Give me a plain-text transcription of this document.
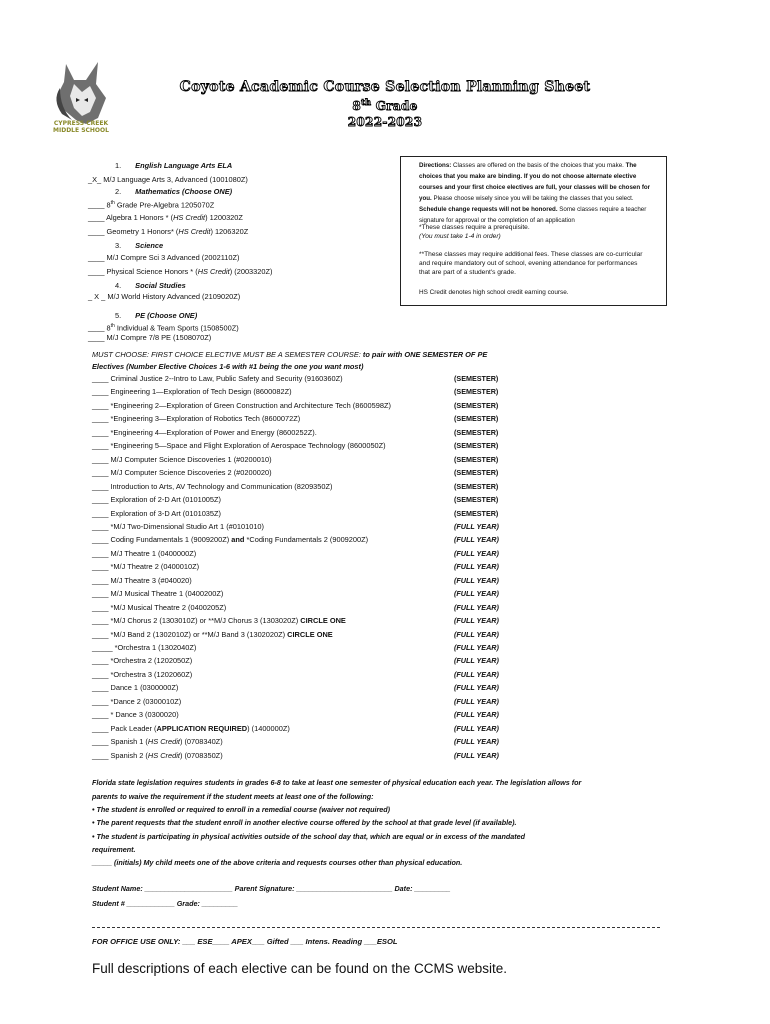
CYPRESS CREEK
MIDDLE SCHOOL
Coyote Academic Course Selection Planning Sheet
8th Grade
2022-2023
1. English Language Arts ELA
_X_ M/J Language Arts 3, Advanced (1001080Z)
2. Mathematics (Choose ONE)
____ 8th Grade Pre-Algebra 1205070Z
____ Algebra 1 Honors * (HS Credit) 1200320Z
____ Geometry 1 Honors* (HS Credit) 1206320Z
3. Science
____ M/J Compre Sci 3 Advanced (2002110Z)
____ Physical Science Honors * (HS Credit) (2003320Z)
4. Social Studies
_ X _ M/J World History Advanced (2109020Z)
5. PE (Choose ONE)
____ 8th Individual & Team Sports (1508500Z)
____ M/J Compre 7/8 PE (1508070Z)
Directions: Classes are offered on the basis of the choices that you make. The
choices that you make are binding. If you do not choose alternate elective
courses and your first choice electives are full, your classes will be chosen for
you. Please choose wisely since you will be taking the classes that you select.
Schedule change requests will not be honored. Some classes require a teacher
signature for approval or the completion of an application
*These classes require a prerequisite.
(You must take 1-4 in order)
**These classes may require additional fees. These classes are co-curricular
and require mandatory out of school, evening attendance for performances
that are part of a student's grade.
HS Credit denotes high school credit earning course.
MUST CHOOSE: FIRST CHOICE ELECTIVE MUST BE A SEMESTER COURSE: to pair with ONE SEMESTER OF PE
Electives (Number Elective Choices 1-6 with #1 being the one you want most)
____ Criminal Justice 2--Intro to Law, Public Safety and Security (9160360Z)	(SEMESTER)
____ Engineering 1—Exploration of Tech Design (8600082Z)	(SEMESTER)
____ *Engineering 2—Exploration of Green Construction and Architecture Tech (8600598Z)	(SEMESTER)
____ *Engineering 3—Exploration of Robotics Tech (8600072Z)	(SEMESTER)
____ *Engineering 4—Exploration of Power and Energy (8600252Z).	(SEMESTER)
____ *Engineering 5—Space and Flight Exploration of Aerospace Technology (8600050Z)	(SEMESTER)
____ M/J Computer Science Discoveries 1 (#0200010)	(SEMESTER)
____ M/J Computer Science Discoveries 2 (#0200020)	(SEMESTER)
____ Introduction to Arts, AV Technology and Communication (8209350Z)	(SEMESTER)
____ Exploration of 2-D Art (0101005Z)	(SEMESTER)
____ Exploration of 3-D Art (0101035Z)	(SEMESTER)
____ *M/J Two-Dimensional Studio Art 1 (#0101010)	(FULL YEAR)
____ Coding Fundamentals 1 (9009200Z) and *Coding Fundamentals 2 (9009200Z)	(FULL YEAR)
____ M/J Theatre 1 (0400000Z)	(FULL YEAR)
____ *M/J Theatre 2 (0400010Z)	(FULL YEAR)
____ M/J Theatre 3 (#040020)	(FULL YEAR)
____ M/J Musical Theatre 1 (0400200Z)	(FULL YEAR)
____ *M/J Musical Theatre 2 (0400205Z)	(FULL YEAR)
____ *M/J Chorus 2 (1303010Z) or **M/J Chorus 3 (1303020Z) CIRCLE ONE	(FULL YEAR)
____ *M/J Band 2 (1302010Z) or **M/J Band 3 (1302020Z) CIRCLE ONE	(FULL YEAR)
_____ *Orchestra 1 (1302040Z)	(FULL YEAR)
____ *Orchestra 2 (1202050Z)	(FULL YEAR)
____ *Orchestra 3 (1202060Z)	(FULL YEAR)
____ Dance 1 (0300000Z)	(FULL YEAR)
____ *Dance 2 (0300010Z)	(FULL YEAR)
____ * Dance 3 (0300020)	(FULL YEAR)
____ Pack Leader (APPLICATION REQUIRED) (1400000Z)	(FULL YEAR)
____ Spanish 1 (HS Credit) (0708340Z)	(FULL YEAR)
____ Spanish 2 (HS Credit) (0708350Z)	(FULL YEAR)
Florida state legislation requires students in grades 6-8 to take at least one semester of physical education each year. The legislation allows for
parents to waive the requirement if the student meets at least one of the following:
• The student is enrolled or required to enroll in a remedial course (waiver not required)
• The parent requests that the student enroll in another elective course offered by the school at that grade level (if available).
• The student is participating in physical activities outside of the school day that, which are equal or in excess of the mandated
requirement.
_____ (initials) My child meets one of the above criteria and requests courses other than physical education.
Student Name: ______________________ Parent Signature: ________________________ Date: _________
Student # ____________ Grade: _________
FOR OFFICE USE ONLY: ___ ESE____ APEX___ Gifted ___ Intens. Reading ___ESOL
Full descriptions of each elective can be found on the CCMS website.
